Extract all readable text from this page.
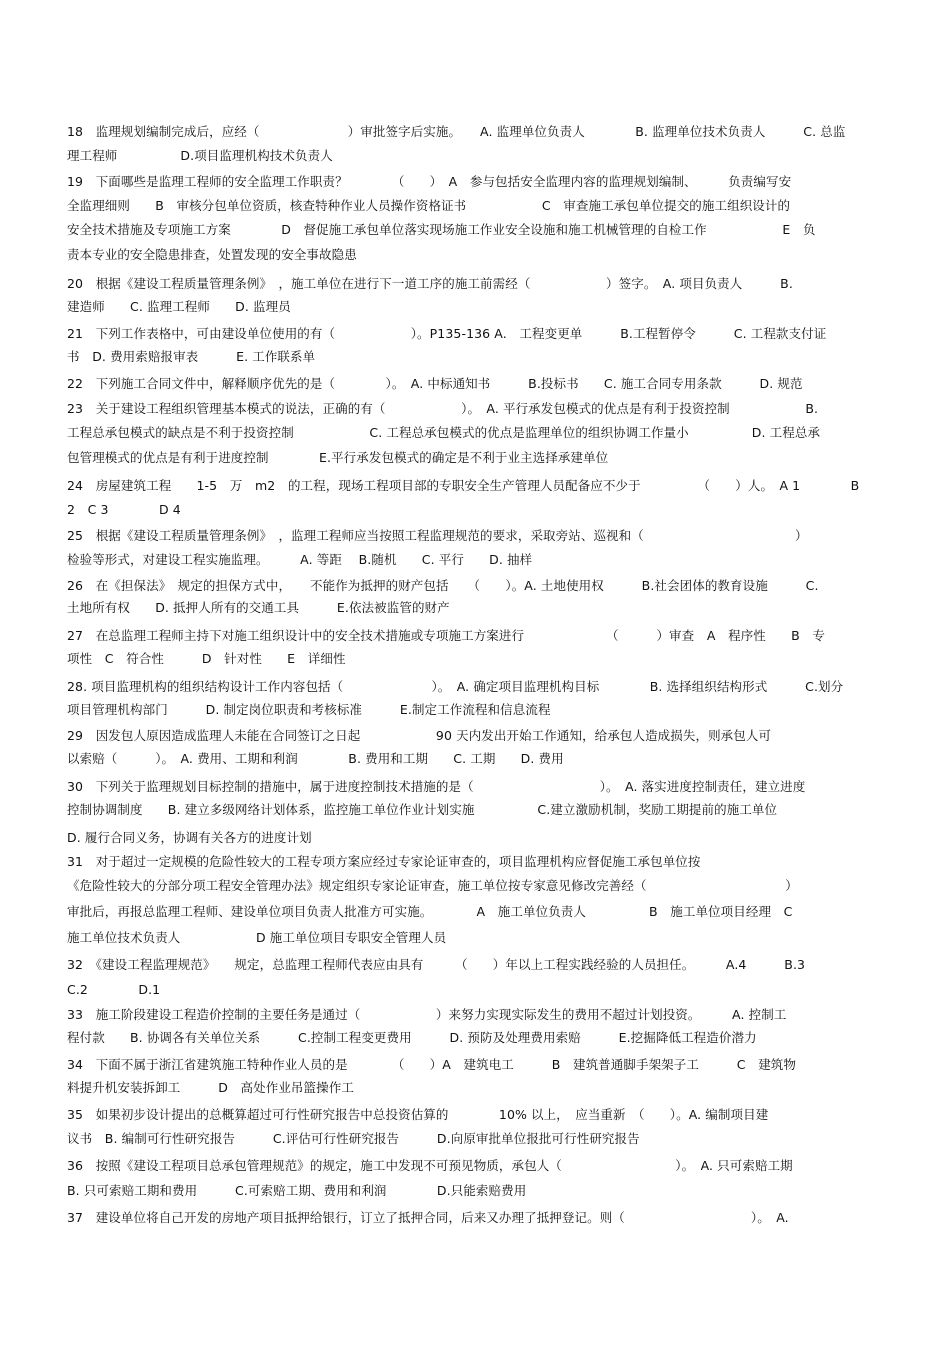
18　监理规划编制完成后，应经（　　　　　　　）审批签字后实施。　　A. 监理单位负责人　　　　B. 监理单位技术负责人　　　C. 总监
理工程师　　　　　D.项目监理机构技术负责人
19　下面哪些是监理工程师的安全监理工作职责？　　　　（　　）　A　参与包括安全监理内容的监理规划编制、　　　负责编写安
全监理细则　　B　审核分包单位资质，核查特种作业人员操作资格证书　　　　　　C　审查施工承包单位提交的施工组织设计的
安全技术措施及专项施工方案　　　　D　督促施工承包单位落实现场施工作业安全设施和施工机械管理的自检工作　　　　　　E　负
责本专业的安全隐患排查，处置发现的安全事故隐患
20　根据《建设工程质量管理条例》　，施工单位在进行下一道工序的施工前需经（　　　　　　）签字。　A. 项目负责人　　　B.
建造师　　C. 监理工程师　　D. 监理员
21　下列工作表格中，可由建设单位使用的有（　　　　　　）。P135-136 A.　工程变更单　　　B.工程暂停令　　　C. 工程款支付证
书　D. 费用索赔报审表　　　E. 工作联系单
22　下列施工合同文件中，解释顺序优先的是（　　　　）。　A. 中标通知书　　　B.投标书　　C. 施工合同专用条款　　　D. 规范
23　关于建设工程组织管理基本模式的说法，正确的有（　　　　　　）。　A. 平行承发包模式的优点是有利于投资控制　　　　　　B.
工程总承包模式的缺点是不利于投资控制　　　　　　C. 工程总承包模式的优点是监理单位的组织协调工作量小　　　　　D. 工程总承
包管理模式的优点是有利于进度控制　　　　E.平行承发包模式的确定是不利于业主选择承建单位
24　房屋建筑工程　　1-5　万　m2　的工程，现场工程项目部的专职安全生产管理人员配备应不少于　　　　　（　　）人。　A 1　　　　B
2　C 3　　　　D 4
25　根据《建设工程质量管理条例》　，监理工程师应当按照工程监理规范的要求，采取旁站、巡视和（　　　　　　　　　　　　）
检验等形式，对建设工程实施监理。　　　A. 等距　 B.随机　　C. 平行　　D. 抽样
26　在《担保法》　规定的担保方式中，　　不能作为抵押的财产包括　　（　　）。A. 土地使用权　　　B.社会团体的教育设施　　　C.
土地所有权　　D. 抵押人所有的交通工具　　　E.依法被监管的财产
27　在总监理工程师主持下对施工组织设计中的安全技术措施或专项施工方案进行　　　　　　　（　　　）审查　A　程序性　　B　专
项性　C　符合性　　　D　针对性　　E　详细性
28. 项目监理机构的组织结构设计工作内容包括（　　　　　　　）。　A. 确定项目监理机构目标　　　　B. 选择组织结构形式　　　C.划分
项目管理机构部门　　　D. 制定岗位职责和考核标准　　　E.制定工作流程和信息流程
29　因发包人原因造成监理人未能在合同签订之日起　　　　　　90 天内发出开始工作通知，给承包人造成损失，则承包人可
以索赔（　　　）。　A. 费用、工期和利润　　　　B. 费用和工期　　C. 工期　　D. 费用
30　下列关于监理规划目标控制的措施中，属于进度控制技术措施的是（　　　　　　　　　　）。　A. 落实进度控制责任，建立进度
控制协调制度　　B. 建立多级网络计划体系，监控施工单位作业计划实施　　　　　C.建立激励机制，奖励工期提前的施工单位
D. 履行合同义务，协调有关各方的进度计划
31　对于超过一定规模的危险性较大的工程专项方案应经过专家论证审查的，项目监理机构应督促施工承包单位按
《危险性较大的分部分项工程安全管理办法》规定组织专家论证审查，施工单位按专家意见修改完善经（　　　　　　　　　　　）
审批后，再报总监理工程师、建设单位项目负责人批准方可实施。　　　　A　施工单位负责人　　　　　B　施工单位项目经理　C
施工单位技术负责人　　　　　　D 施工单位项目专职安全管理人员
32　《建设工程监理规范》　　规定，总监理工程师代表应由具有　　　（　　）年以上工程实践经验的人员担任。　　　A.4　　　B.3
C.2　　　　D.1
33　施工阶段建设工程造价控制的主要任务是通过（　　　　　　）来努力实现实际发生的费用不超过计划投资。　　　A. 控制工
程付款　　B. 协调各有关单位关系　　　C.控制工程变更费用　　　D. 预防及处理费用索赔　　　E.挖掘降低工程造价潜力
34　下面不属于浙江省建筑施工特种作业人员的是　　　　（　　）A　建筑电工　　　B　建筑普通脚手架架子工　　　C　建筑物
料提升机安装拆卸工　　　D　高处作业吊篮操作工
35　如果初步设计提出的总概算超过可行性研究报告中总投资估算的　　　　10% 以上，　应当重新　（　　）。A. 编制项目建
议书　B. 编制可行性研究报告　　　C.评估可行性研究报告　　　D.向原审批单位报批可行性研究报告
36　按照《建设工程项目总承包管理规范》的规定，施工中发现不可预见物质，承包人（　　　　　　　　　）。　A. 只可索赔工期
B. 只可索赔工期和费用　　　C.可索赔工期、费用和利润　　　　D.只能索赔费用
37　建设单位将自己开发的房地产项目抵押给银行，订立了抵押合同，后来又办理了抵押登记。则（　　　　　　　　　　）。　A.
